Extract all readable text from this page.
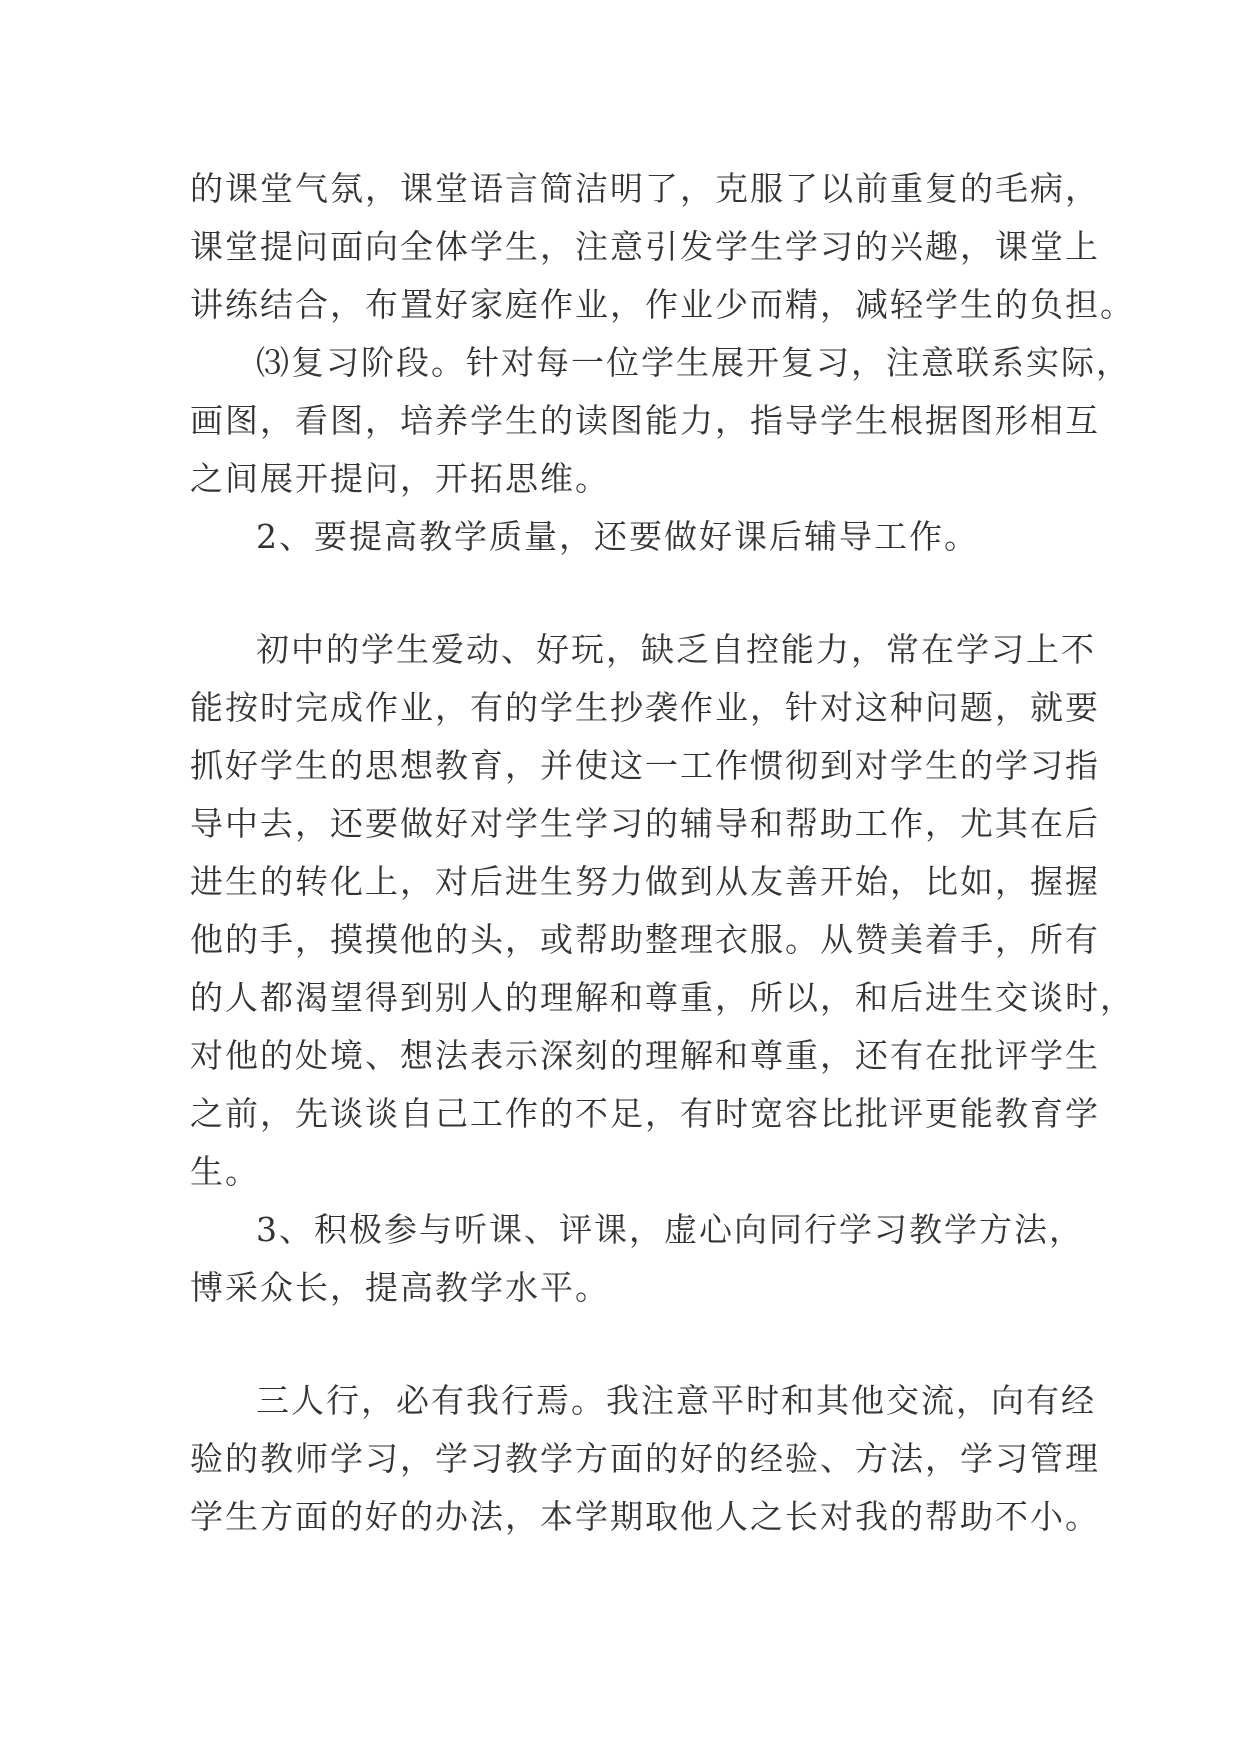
的课堂气氛，课堂语言简洁明了，克服了以前重复的毛病，
课堂提问面向全体学生，注意引发学生学习的兴趣，课堂上
讲练结合，布置好家庭作业，作业少而精，减轻学生的负担。
⑶复习阶段。针对每一位学生展开复习，注意联系实际，
画图，看图，培养学生的读图能力，指导学生根据图形相互
之间展开提问，开拓思维。
2、要提高教学质量，还要做好课后辅导工作。
初中的学生爱动、好玩，缺乏自控能力，常在学习上不
能按时完成作业，有的学生抄袭作业，针对这种问题，就要
抓好学生的思想教育，并使这一工作惯彻到对学生的学习指
导中去，还要做好对学生学习的辅导和帮助工作，尤其在后
进生的转化上，对后进生努力做到从友善开始，比如，握握
他的手，摸摸他的头，或帮助整理衣服。从赞美着手，所有
的人都渴望得到别人的理解和尊重，所以，和后进生交谈时，
对他的处境、想法表示深刻的理解和尊重，还有在批评学生
之前，先谈谈自己工作的不足，有时宽容比批评更能教育学
生。
3、积极参与听课、评课，虚心向同行学习教学方法，
博采众长，提高教学水平。
三人行，必有我行焉。我注意平时和其他交流，向有经
验的教师学习，学习教学方面的好的经验、方法，学习管理
学生方面的好的办法，本学期取他人之长对我的帮助不小。
